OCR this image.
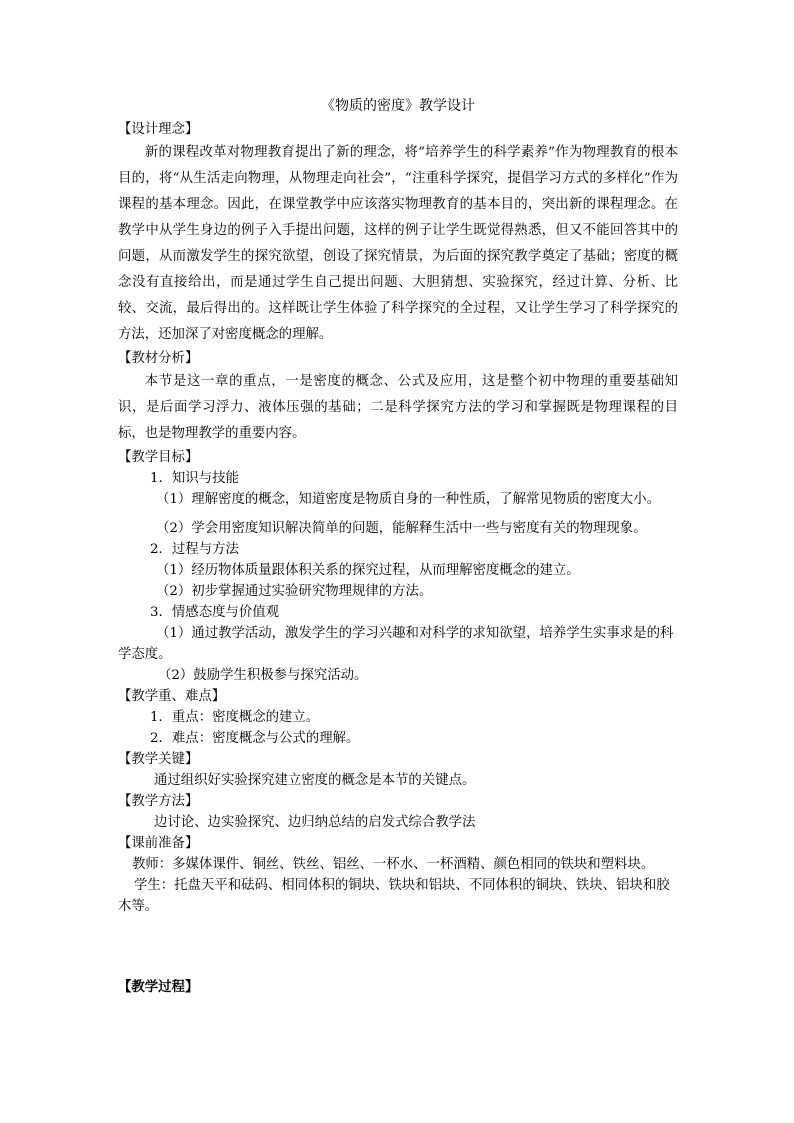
《物质的密度》教学设计
【设计理念】
新的课程改革对物理教育提出了新的理念，将“培养学生的科学素养”作为物理教育的根本目的，将“从生活走向物理，从物理走向社会”，“注重科学探究，提倡学习方式的多样化”作为课程的基本理念。因此，在课堂教学中应该落实物理教育的基本目的，突出新的课程理念。在教学中从学生身边的例子入手提出问题，这样的例子让学生既觉得熟悉，但又不能回答其中的问题，从而激发学生的探究欲望，创设了探究情景，为后面的探究教学奠定了基础；密度的概念没有直接给出，而是通过学生自己提出问题、大胆猜想、实验探究，经过计算、分析、比较、交流，最后得出的。这样既让学生体验了科学探究的全过程，又让学生学习了科学探究的方法，还加深了对密度概念的理解。
【教材分析】
本节是这一章的重点，一是密度的概念、公式及应用，这是整个初中物理的重要基础知识，是后面学习浮力、液体压强的基础；二是科学探究方法的学习和掌握既是物理课程的目标，也是物理教学的重要内容。
【教学目标】
1．知识与技能
（1）理解密度的概念，知道密度是物质自身的一种性质，了解常见物质的密度大小。
（2）学会用密度知识解决简单的问题，能解释生活中一些与密度有关的物理现象。
2．过程与方法
（1）经历物体质量跟体积关系的探究过程，从而理解密度概念的建立。
（2）初步掌握通过实验研究物理规律的方法。
3．情感态度与价值观
（1）通过教学活动，激发学生的学习兴趣和对科学的求知欲望，培养学生实事求是的科学态度。
（2）鼓励学生积极参与探究活动。
【教学重、难点】
1．重点：密度概念的建立。
2．难点：密度概念与公式的理解。
【教学关键】
通过组织好实验探究建立密度的概念是本节的关键点。
【教学方法】
边讨论、边实验探究、边归纳总结的启发式综合教学法
【课前准备】
教师：多媒体课件、铜丝、铁丝、铝丝、一杯水、一杯酒精、颜色相同的铁块和塑料块。
学生：托盘天平和砝码、相同体积的铜块、铁块和铝块、不同体积的铜块、铁块、铝块和胶木等。
【教学过程】
